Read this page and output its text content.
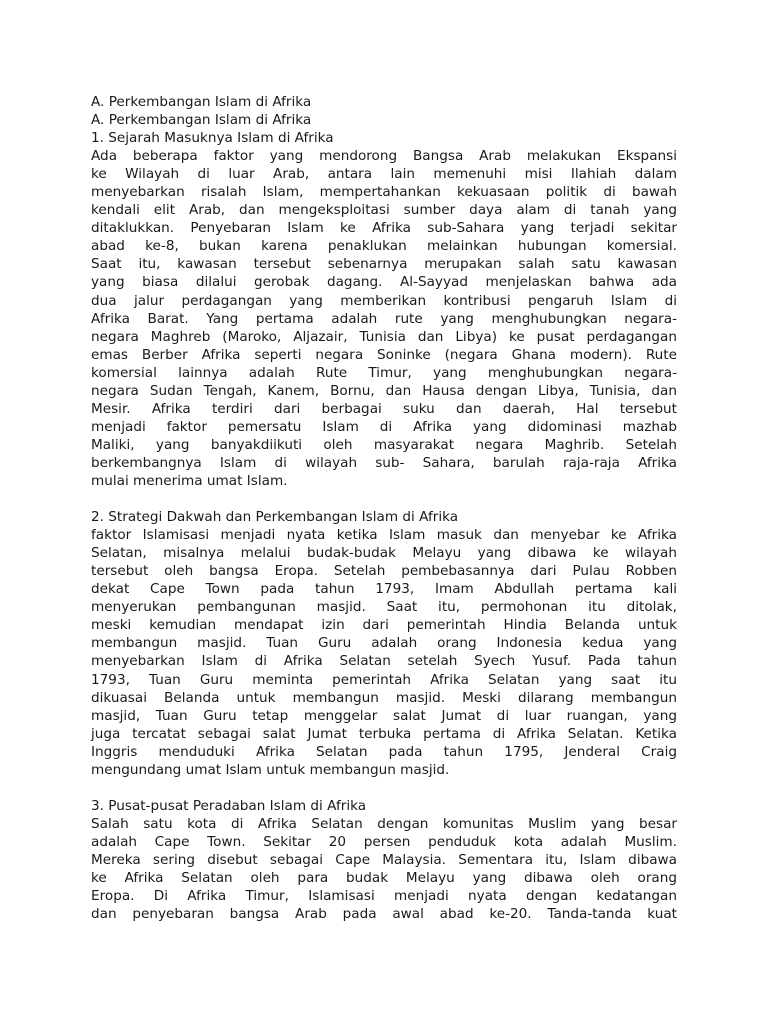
A. Perkembangan Islam di Afrika
A. Perkembangan Islam di Afrika
1. Sejarah Masuknya Islam di Afrika
Ada beberapa faktor yang mendorong Bangsa Arab melakukan Ekspansi
ke Wilayah di luar Arab, antara lain memenuhi misi Ilahiah dalam
menyebarkan risalah Islam, mempertahankan kekuasaan politik di bawah
kendali elit Arab, dan mengeksploitasi sumber daya alam di tanah yang
ditaklukkan. Penyebaran Islam ke Afrika sub-Sahara yang terjadi sekitar
abad ke-8, bukan karena penaklukan melainkan hubungan komersial.
Saat itu, kawasan tersebut sebenarnya merupakan salah satu kawasan
yang biasa dilalui gerobak dagang. Al-Sayyad menjelaskan bahwa ada
dua jalur perdagangan yang memberikan kontribusi pengaruh Islam di
Afrika Barat. Yang pertama adalah rute yang menghubungkan negara-
negara Maghreb (Maroko, Aljazair, Tunisia dan Libya) ke pusat perdagangan
emas Berber Afrika seperti negara Soninke (negara Ghana modern). Rute
komersial lainnya adalah Rute Timur, yang menghubungkan negara-
negara Sudan Tengah, Kanem, Bornu, dan Hausa dengan Libya, Tunisia, dan
Mesir. Afrika terdiri dari berbagai suku dan daerah, Hal tersebut
menjadi faktor pemersatu Islam di Afrika yang didominasi mazhab
Maliki, yang banyakdiikuti oleh masyarakat negara Maghrib. Setelah
berkembangnya Islam di wilayah sub- Sahara, barulah raja-raja Afrika
mulai menerima umat Islam.
2. Strategi Dakwah dan Perkembangan Islam di Afrika
faktor Islamisasi menjadi nyata ketika Islam masuk dan menyebar ke Afrika
Selatan, misalnya melalui budak-budak Melayu yang dibawa ke wilayah
tersebut oleh bangsa Eropa. Setelah pembebasannya dari Pulau Robben
dekat Cape Town pada tahun 1793, Imam Abdullah pertama kali
menyerukan pembangunan masjid. Saat itu, permohonan itu ditolak,
meski kemudian mendapat izin dari pemerintah Hindia Belanda untuk
membangun masjid. Tuan Guru adalah orang Indonesia kedua yang
menyebarkan Islam di Afrika Selatan setelah Syech Yusuf. Pada tahun
1793, Tuan Guru meminta pemerintah Afrika Selatan yang saat itu
dikuasai Belanda untuk membangun masjid. Meski dilarang membangun
masjid, Tuan Guru tetap menggelar salat Jumat di luar ruangan, yang
juga tercatat sebagai salat Jumat terbuka pertama di Afrika Selatan. Ketika
Inggris menduduki Afrika Selatan pada tahun 1795, Jenderal Craig
mengundang umat Islam untuk membangun masjid.
3. Pusat-pusat Peradaban Islam di Afrika
Salah satu kota di Afrika Selatan dengan komunitas Muslim yang besar
adalah Cape Town. Sekitar 20 persen penduduk kota adalah Muslim.
Mereka sering disebut sebagai Cape Malaysia. Sementara itu, Islam dibawa
ke Afrika Selatan oleh para budak Melayu yang dibawa oleh orang
Eropa. Di Afrika Timur, Islamisasi menjadi nyata dengan kedatangan
dan penyebaran bangsa Arab pada awal abad ke-20. Tanda-tanda kuat
